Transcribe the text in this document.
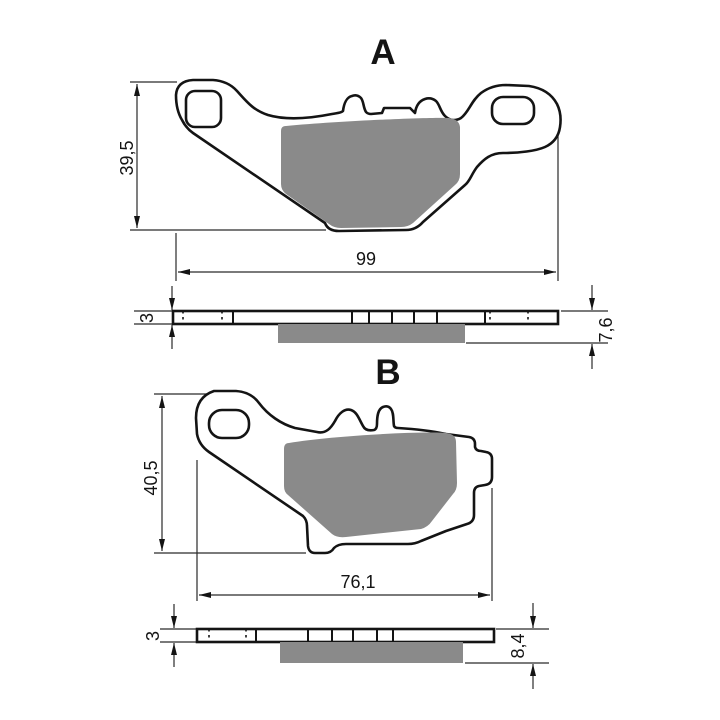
A
B
39,5
99
3	7,6
40,5
76,1
3	8,4
